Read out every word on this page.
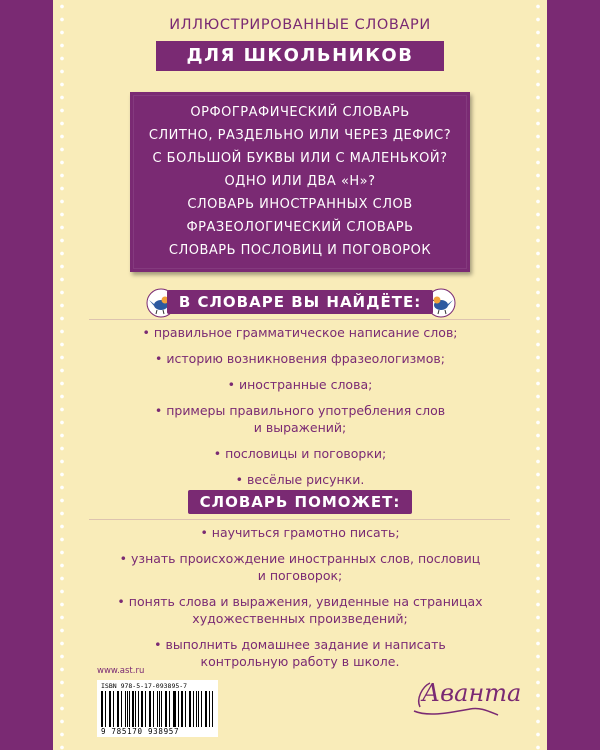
ИЛЛЮСТРИРОВАННЫЕ СЛОВАРИ
ДЛЯ ШКОЛЬНИКОВ
ОРФОГРАФИЧЕСКИЙ СЛОВАРЬ
СЛИТНО, РАЗДЕЛЬНО ИЛИ ЧЕРЕЗ ДЕФИС?
С БОЛЬШОЙ БУКВЫ ИЛИ С МАЛЕНЬКОЙ?
ОДНО ИЛИ ДВА «Н»?
СЛОВАРЬ ИНОСТРАННЫХ СЛОВ
ФРАЗЕОЛОГИЧЕСКИЙ СЛОВАРЬ
СЛОВАРЬ ПОСЛОВИЦ И ПОГОВОРОК
В СЛОВАРЕ ВЫ НАЙДЁТЕ:
• правильное грамматическое написание слов;
• историю возникновения фразеологизмов;
• иностранные слова;
• примеры правильного употребления слов
и выражений;
• пословицы и поговорки;
• весёлые рисунки.
СЛОВАРЬ ПОМОЖЕТ:
• научиться грамотно писать;
• узнать происхождение иностранных слов, пословиц
и поговорок;
• понять слова и выражения, увиденные на страницах
художественных произведений;
• выполнить домашнее задание и написать
контрольную работу в школе.
www.ast.ru
ISBN 978-5-17-093895-7
9 785170 938957
Аванта
